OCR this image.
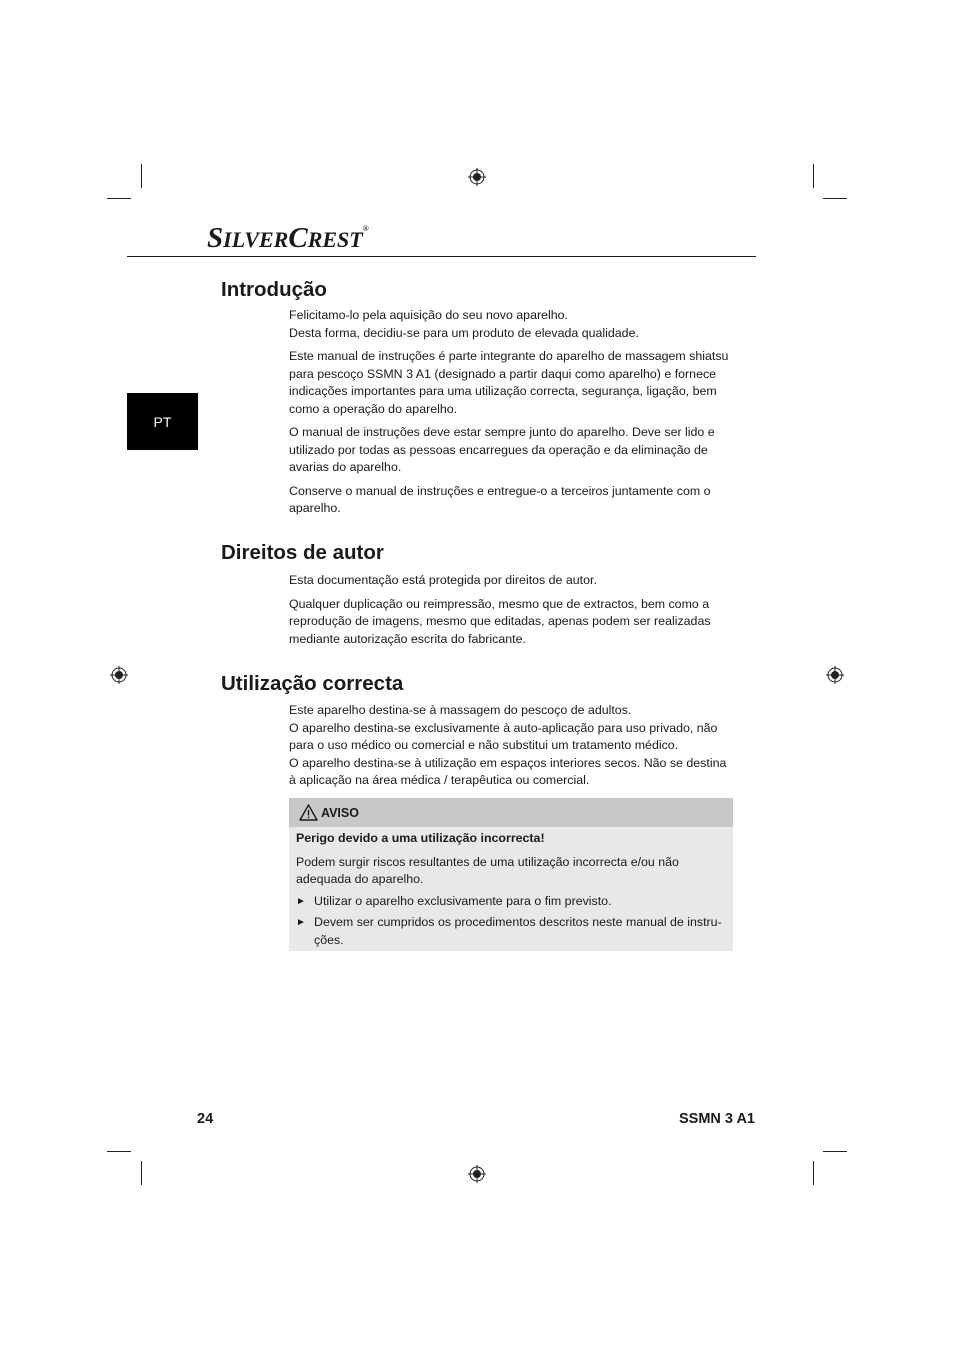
SILVERCREST®
PT
Introdução

Felicitamo-lo pela aquisição do seu novo aparelho.
Desta forma, decidiu-se para um produto de elevada qualidade.

Este manual de instruções é parte integrante do aparelho de massagem shiatsu
para pescoço SSMN 3 A1 (designado a partir daqui como aparelho) e fornece
indicações importantes para uma utilização correcta, segurança, ligação, bem
como a operação do aparelho.

O manual de instruções deve estar sempre junto do aparelho. Deve ser lido e
utilizado por todas as pessoas encarregues da operação e da eliminação de
avarias do aparelho.

Conserve o manual de instruções e entregue-o a terceiros juntamente com o
aparelho.

Direitos de autor

Esta documentação está protegida por direitos de autor.

Qualquer duplicação ou reimpressão, mesmo que de extractos, bem como a
reprodução de imagens, mesmo que editadas, apenas podem ser realizadas
mediante autorização escrita do fabricante.

Utilização correcta

Este aparelho destina-se à massagem do pescoço de adultos.
O aparelho destina-se exclusivamente à auto-aplicação para uso privado, não
para o uso médico ou comercial e não substitui um tratamento médico.
O aparelho destina-se à utilização em espaços interiores secos. Não se destina
à aplicação na área médica / terapêutica ou comercial.

AVISO
Perigo devido a uma utilização incorrecta!
Podem surgir riscos resultantes de uma utilização incorrecta e/ou não
adequada do aparelho.
► Utilizar o aparelho exclusivamente para o fim previsto.
► Devem ser cumpridos os procedimentos descritos neste manual de instru-
ções.
24	SSMN 3 A1
